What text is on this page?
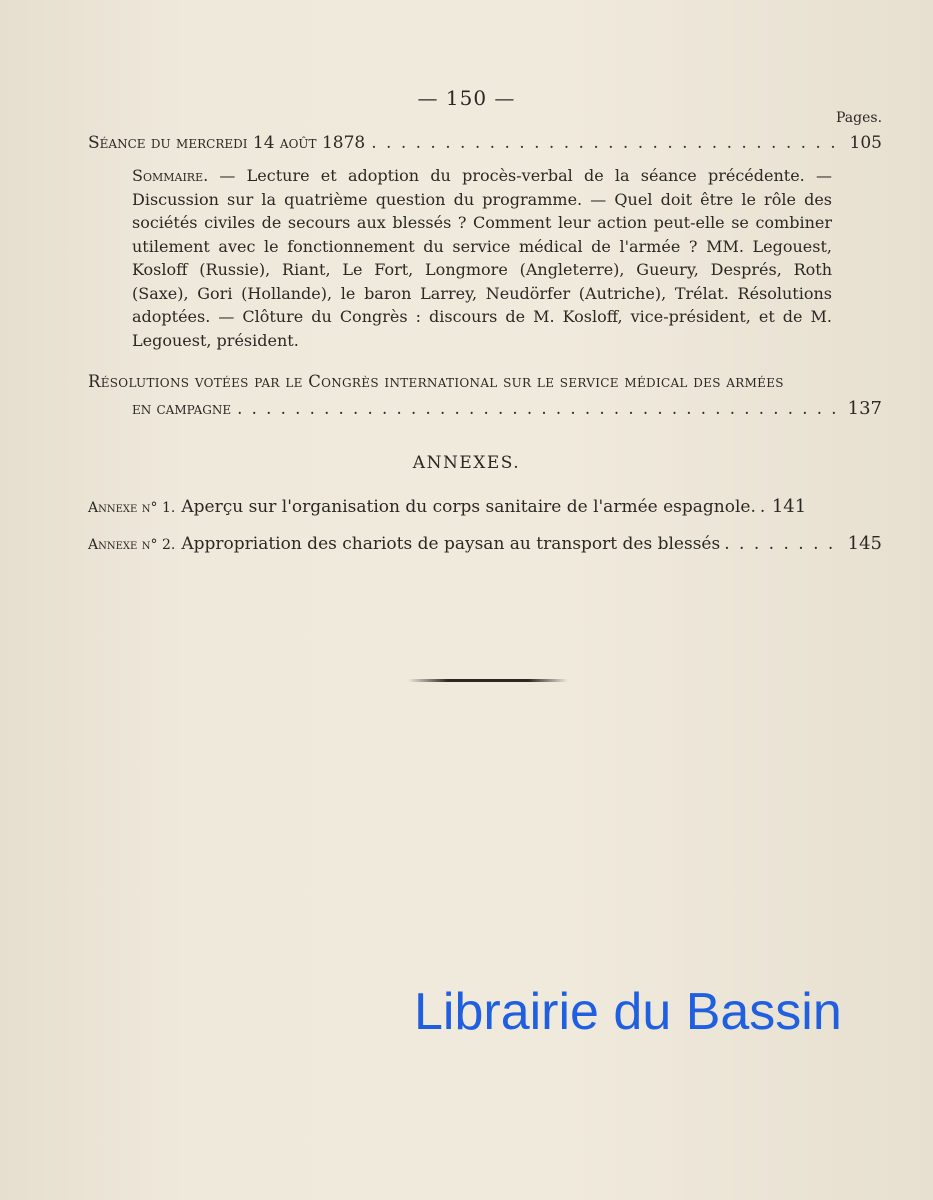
— 150 —
Pages.
Séance du mercredi 14 août 1878 . . .	105
Sommaire. — Lecture et adoption du procès-verbal de la séance précédente. — Discussion sur la quatrième question du programme. — Quel doit être le rôle des sociétés civiles de secours aux blessés ? Comment leur action peut-elle se combiner utilement avec le fonctionnement du service médical de l'armée ? MM. Legouest, Kosloff (Russie), Riant, Le Fort, Longmore (Angleterre), Gueury, Després, Roth (Saxe), Gori (Hollande), le baron Larrey, Neudörfer (Autriche), Trélat. Résolutions adoptées. — Clôture du Congrès : discours de M. Kosloff, vice-président, et de M. Legouest, président.
Résolutions votées par le Congrès international sur le service médical des armées
en campagne . . .	137
ANNEXES.
Annexe n° 1. Aperçu sur l'organisation du corps sanitaire de l'armée espagnole. . . . 141
Annexe n° 2. Appropriation des chariots de paysan au transport des blessés . . .	145
Librairie du Bassin
